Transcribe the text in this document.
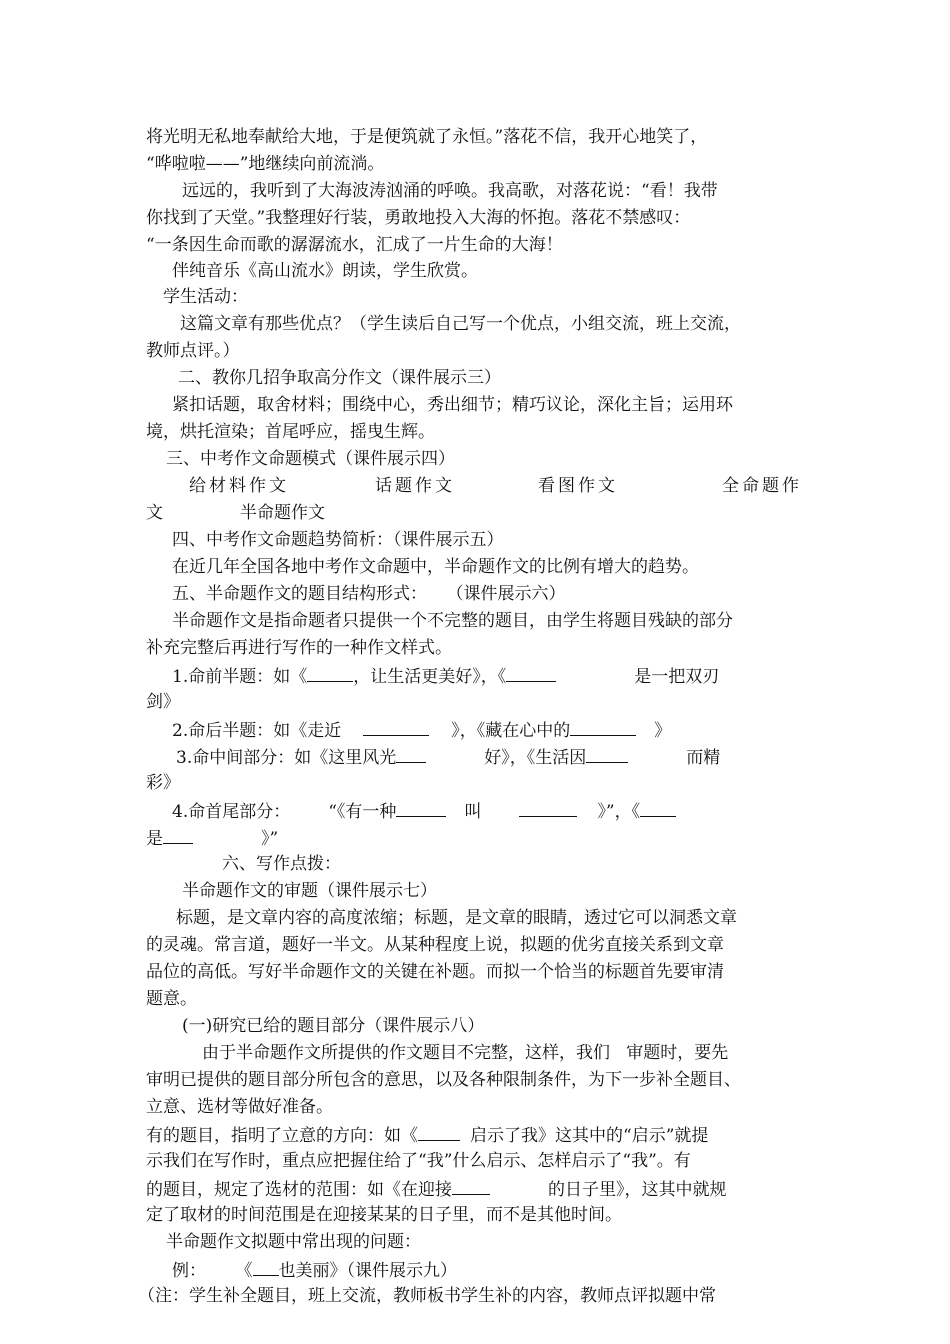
将光明无私地奉献给大地，于是便筑就了永恒。”落花不信，我开心地笑了，
“哗啦啦——”地继续向前流淌。
远远的，我听到了大海波涛汹涌的呼唤。我高歌，对落花说：“看！我带
你找到了天堂。”我整理好行装，勇敢地投入大海的怀抱。落花不禁感叹：
“一条因生命而歌的潺潺流水，汇成了一片生命的大海！
伴纯音乐《高山流水》朗读，学生欣赏。
学生活动：
这篇文章有那些优点？（学生读后自己写一个优点，小组交流，班上交流，
教师点评。）
二、教你几招争取高分作文（课件展示三）
紧扣话题，取舍材料；围绕中心，秀出细节；精巧议论，深化主旨；运用环
境，烘托渲染；首尾呼应，摇曳生辉。
三、中考作文命题模式（课件展示四）
给材料作文	话题作文	看图作文	全命题作
文	半命题作文
四、中考作文命题趋势简析：（课件展示五）
在近几年全国各地中考作文命题中，半命题作文的比例有增大的趋势。
五、半命题作文的题目结构形式： （课件展示六）
半命题作文是指命题者只提供一个不完整的题目，由学生将题目残缺的部分
补充完整后再进行写作的一种作文样式。
1.命前半题：如《	，让生活更美好》，《	是一把双刃
剑》
2.命后半题：如《走近	》，《藏在心中的	》
3.命中间部分：如《这里风光	好》，《生活因	而精
彩》
4.命首尾部分： “《有一种	叫	》”，《
是	》”
六、写作点拨：
半命题作文的审题（课件展示七）
标题，是文章内容的高度浓缩；标题，是文章的眼睛，透过它可以洞悉文章
的灵魂。常言道，题好一半文。从某种程度上说，拟题的优劣直接关系到文章
品位的高低。写好半命题作文的关键在补题。而拟一个恰当的标题首先要审清
题意。
(一)研究已给的题目部分（课件展示八）
由于半命题作文所提供的作文题目不完整，这样，我们   审题时，要先
审明已提供的题目部分所包含的意思，以及各种限制条件，为下一步补全题目、
立意、选材等做好准备。
有的题目，指明了立意的方向：如《	启示了我》这其中的“启示”就提
示我们在写作时，重点应把握住给了“我”什么启示、怎样启示了“我”。有
的题目，规定了选材的范围：如《在迎接	的日子里》，这其中就规
定了取材的时间范围是在迎接某某的日子里，而不是其他时间。
半命题作文拟题中常出现的问题：
例： 《 也美丽》（课件展示九）
（注：学生补全题目，班上交流，教师板书学生补的内容，教师点评拟题中常
